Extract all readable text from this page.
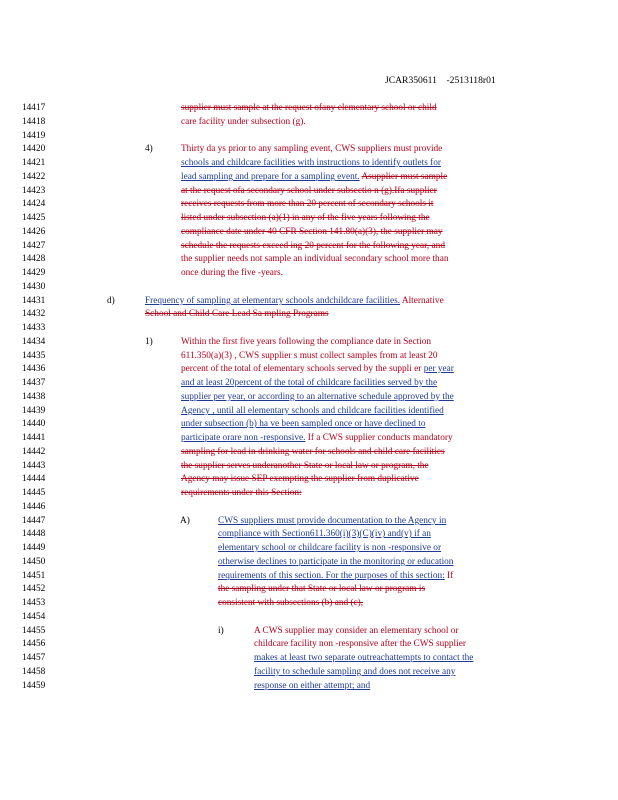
JCAR350611    -2513118r01
14417
14418
14419
14420
14421
14422
14423
14424
14425
14426
14427
14428
14429
14430
14431
14432
14433
14434
14435
14436
14437
14438
14439
14440
14441
14442
14443
14444
14445
14446
14447
14448
14449
14450
14451
14452
14453
14454
14455
14456
14457
14458
14459
4)
d)
1)
A)
i)
supplier must sample at the request ofany elementary school or child
care facility under subsection (g).
Thirty da ys prior to any sampling event, CWS suppliers must provide
schools and childcare facilities with instructions to identify outlets for
lead sampling and prepare for a sampling event. Asupplier must sample
at the request ofa secondary school under subsectio n (g).Ifa supplier
receives requests from more than 20 percent of secondary schools it
listed under subsection (a)(1) in any of the five years following the
compliance date under 40 CFR Section 141.80(a)(3), the supplier may
schedule the requests exceed ing 20 percent for the following year, and
the supplier needs not sample an individual secondary school more than
once during the five -years.
Frequency of sampling at elementary schools andchildcare facilities. Alternative
School and Child Care Lead Sa mpling Programs
Within the first five years following the compliance date in Section
611.350(a)(3) , CWS supplier s must collect samples from at least 20
percent of the total of elementary schools served by the suppli er per year
and at least 20percent of the total of childcare facilities served by the
supplier per year, or according to an alternative schedule approved by the
Agency , until all elementary schools and childcare facilities identified
under subsection (b) ha ve been sampled once or have declined to
participate orare non -responsive. If a CWS supplier conducts mandatory
sampling for lead in drinking water for schools and child care facilities
the supplier serves underanother State or local law or program, the
Agency may issue SEP exempting the supplier from duplicative
requirements under this Section:
CWS suppliers must provide documentation to the Agency in
compliance with Section611.360(i)(3)(C)(iv) and(v) if an
elementary school or childcare facility is non -responsive or
otherwise declines to participate in the monitoring or education
requirements of this section. For the purposes of this section: If
the sampling under that State or local law or program is
consistent with subsections (b) and (c),
A CWS supplier may consider an elementary school or
childcare facility non -responsive after the CWS supplier
makes at least two separate outreachattempts to contact the
facility to schedule sampling and does not receive any
response on either attempt; and
